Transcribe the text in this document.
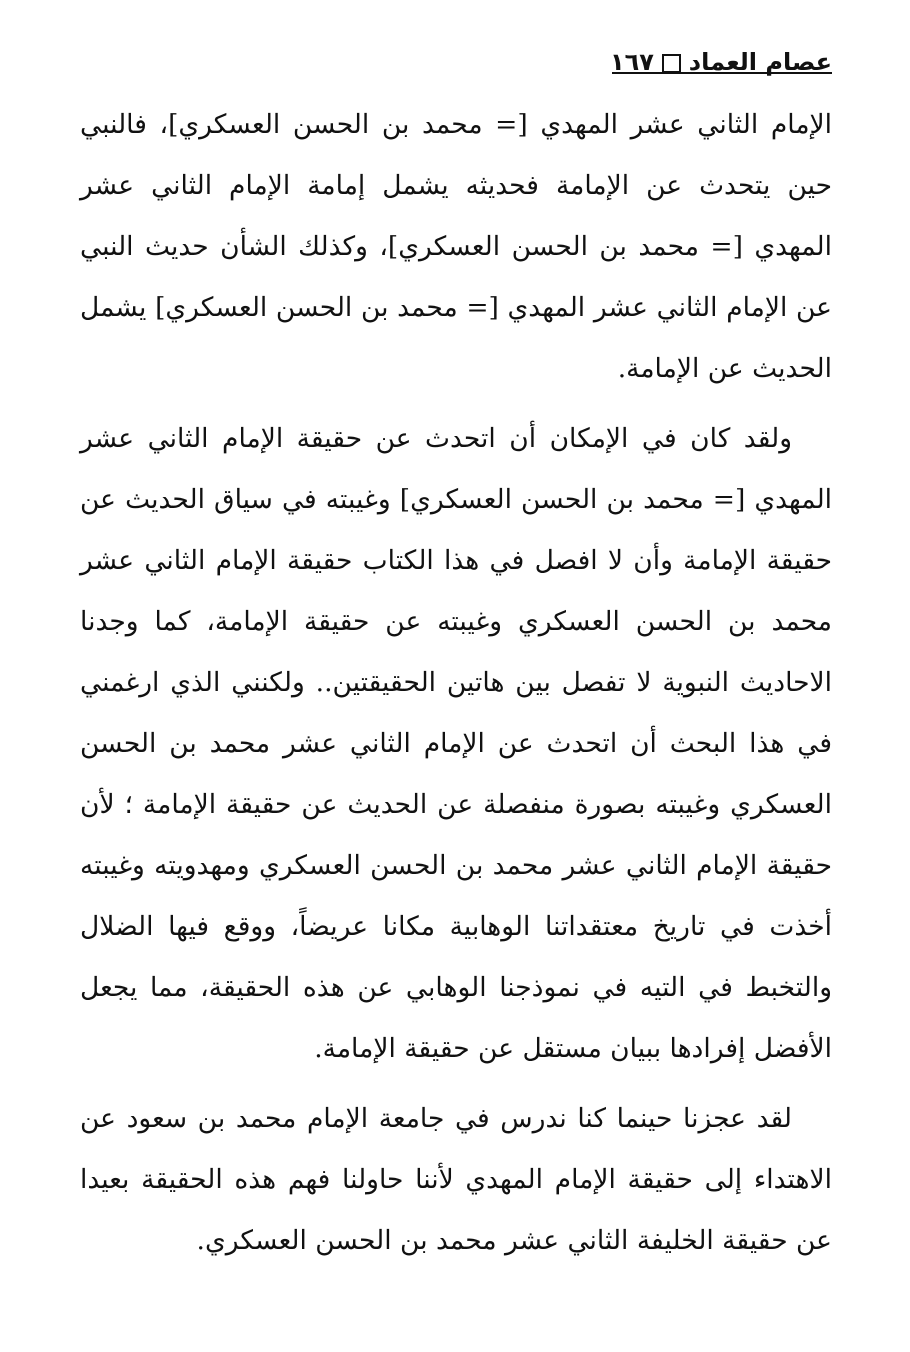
عصام العماد
١٦٧

الإمام الثاني عشر المهدي [= محمد بن الحسن العسكري]، فالنبي حين يتحدث عن الإمامة فحديثه يشمل إمامة الإمام الثاني عشر المهدي [= محمد بن الحسن العسكري]، وكذلك الشأن حديث النبي عن الإمام الثاني عشر المهدي [= محمد بن الحسن العسكري] يشمل الحديث عن الإمامة.

ولقد كان في الإمكان أن اتحدث عن حقيقة الإمام الثاني عشر المهدي [= محمد بن الحسن العسكري] وغيبته في سياق الحديث عن حقيقة الإمامة وأن لا افصل في هذا الكتاب حقيقة الإمام الثاني عشر محمد بن الحسن العسكري وغيبته عن حقيقة الإمامة، كما وجدنا الاحاديث النبوية لا تفصل بين هاتين الحقيقتين.. ولكنني الذي ارغمني في هذا البحث أن اتحدث عن الإمام الثاني عشر محمد بن الحسن العسكري وغيبته بصورة منفصلة عن الحديث عن حقيقة الإمامة ؛ لأن حقيقة الإمام الثاني عشر محمد بن الحسن العسكري ومهدويته وغيبته أخذت في تاريخ معتقداتنا الوهابية مكانا عريضاً، ووقع فيها الضلال والتخبط في التيه في نموذجنا الوهابي عن هذه الحقيقة، مما يجعل الأفضل إفرادها ببيان مستقل عن حقيقة الإمامة.

لقد عجزنا حينما كنا ندرس في جامعة الإمام محمد بن سعود عن الاهتداء إلى حقيقة الإمام المهدي لأننا حاولنا فهم هذه الحقيقة بعيدا عن حقيقة الخليفة الثاني عشر محمد بن الحسن العسكري.
